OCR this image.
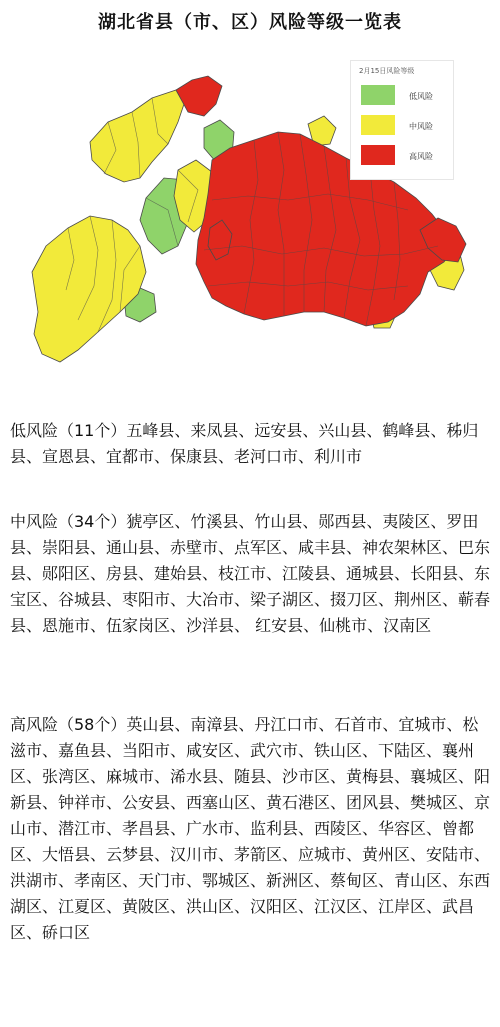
湖北省县（市、区）风险等级一览表
2月15日风险等级
低风险
中风险
高风险
低风险（11个）五峰县、来凤县、远安县、兴山县、鹤峰县、秭归县、宣恩县、宜都市、保康县、老河口市、利川市
中风险（34个）猇亭区、竹溪县、竹山县、郧西县、夷陵区、罗田县、崇阳县、通山县、赤壁市、点军区、咸丰县、神农架林区、巴东县、郧阳区、房县、建始县、枝江市、江陵县、通城县、长阳县、东宝区、谷城县、枣阳市、大冶市、梁子湖区、掇刀区、荆州区、蕲春县、恩施市、伍家岗区、沙洋县、 红安县、仙桃市、汉南区
高风险（58个）英山县、南漳县、丹江口市、石首市、宜城市、松滋市、嘉鱼县、当阳市、咸安区、武穴市、铁山区、下陆区、襄州区、张湾区、麻城市、浠水县、随县、沙市区、黄梅县、襄城区、阳新县、钟祥市、公安县、西塞山区、黄石港区、团风县、樊城区、京山市、潜江市、孝昌县、广水市、监利县、西陵区、华容区、曾都区、大悟县、云梦县、汉川市、茅箭区、应城市、黄州区、安陆市、洪湖市、孝南区、天门市、鄂城区、新洲区、蔡甸区、青山区、东西湖区、江夏区、黄陂区、洪山区、汉阳区、江汉区、江岸区、武昌区、硚口区
